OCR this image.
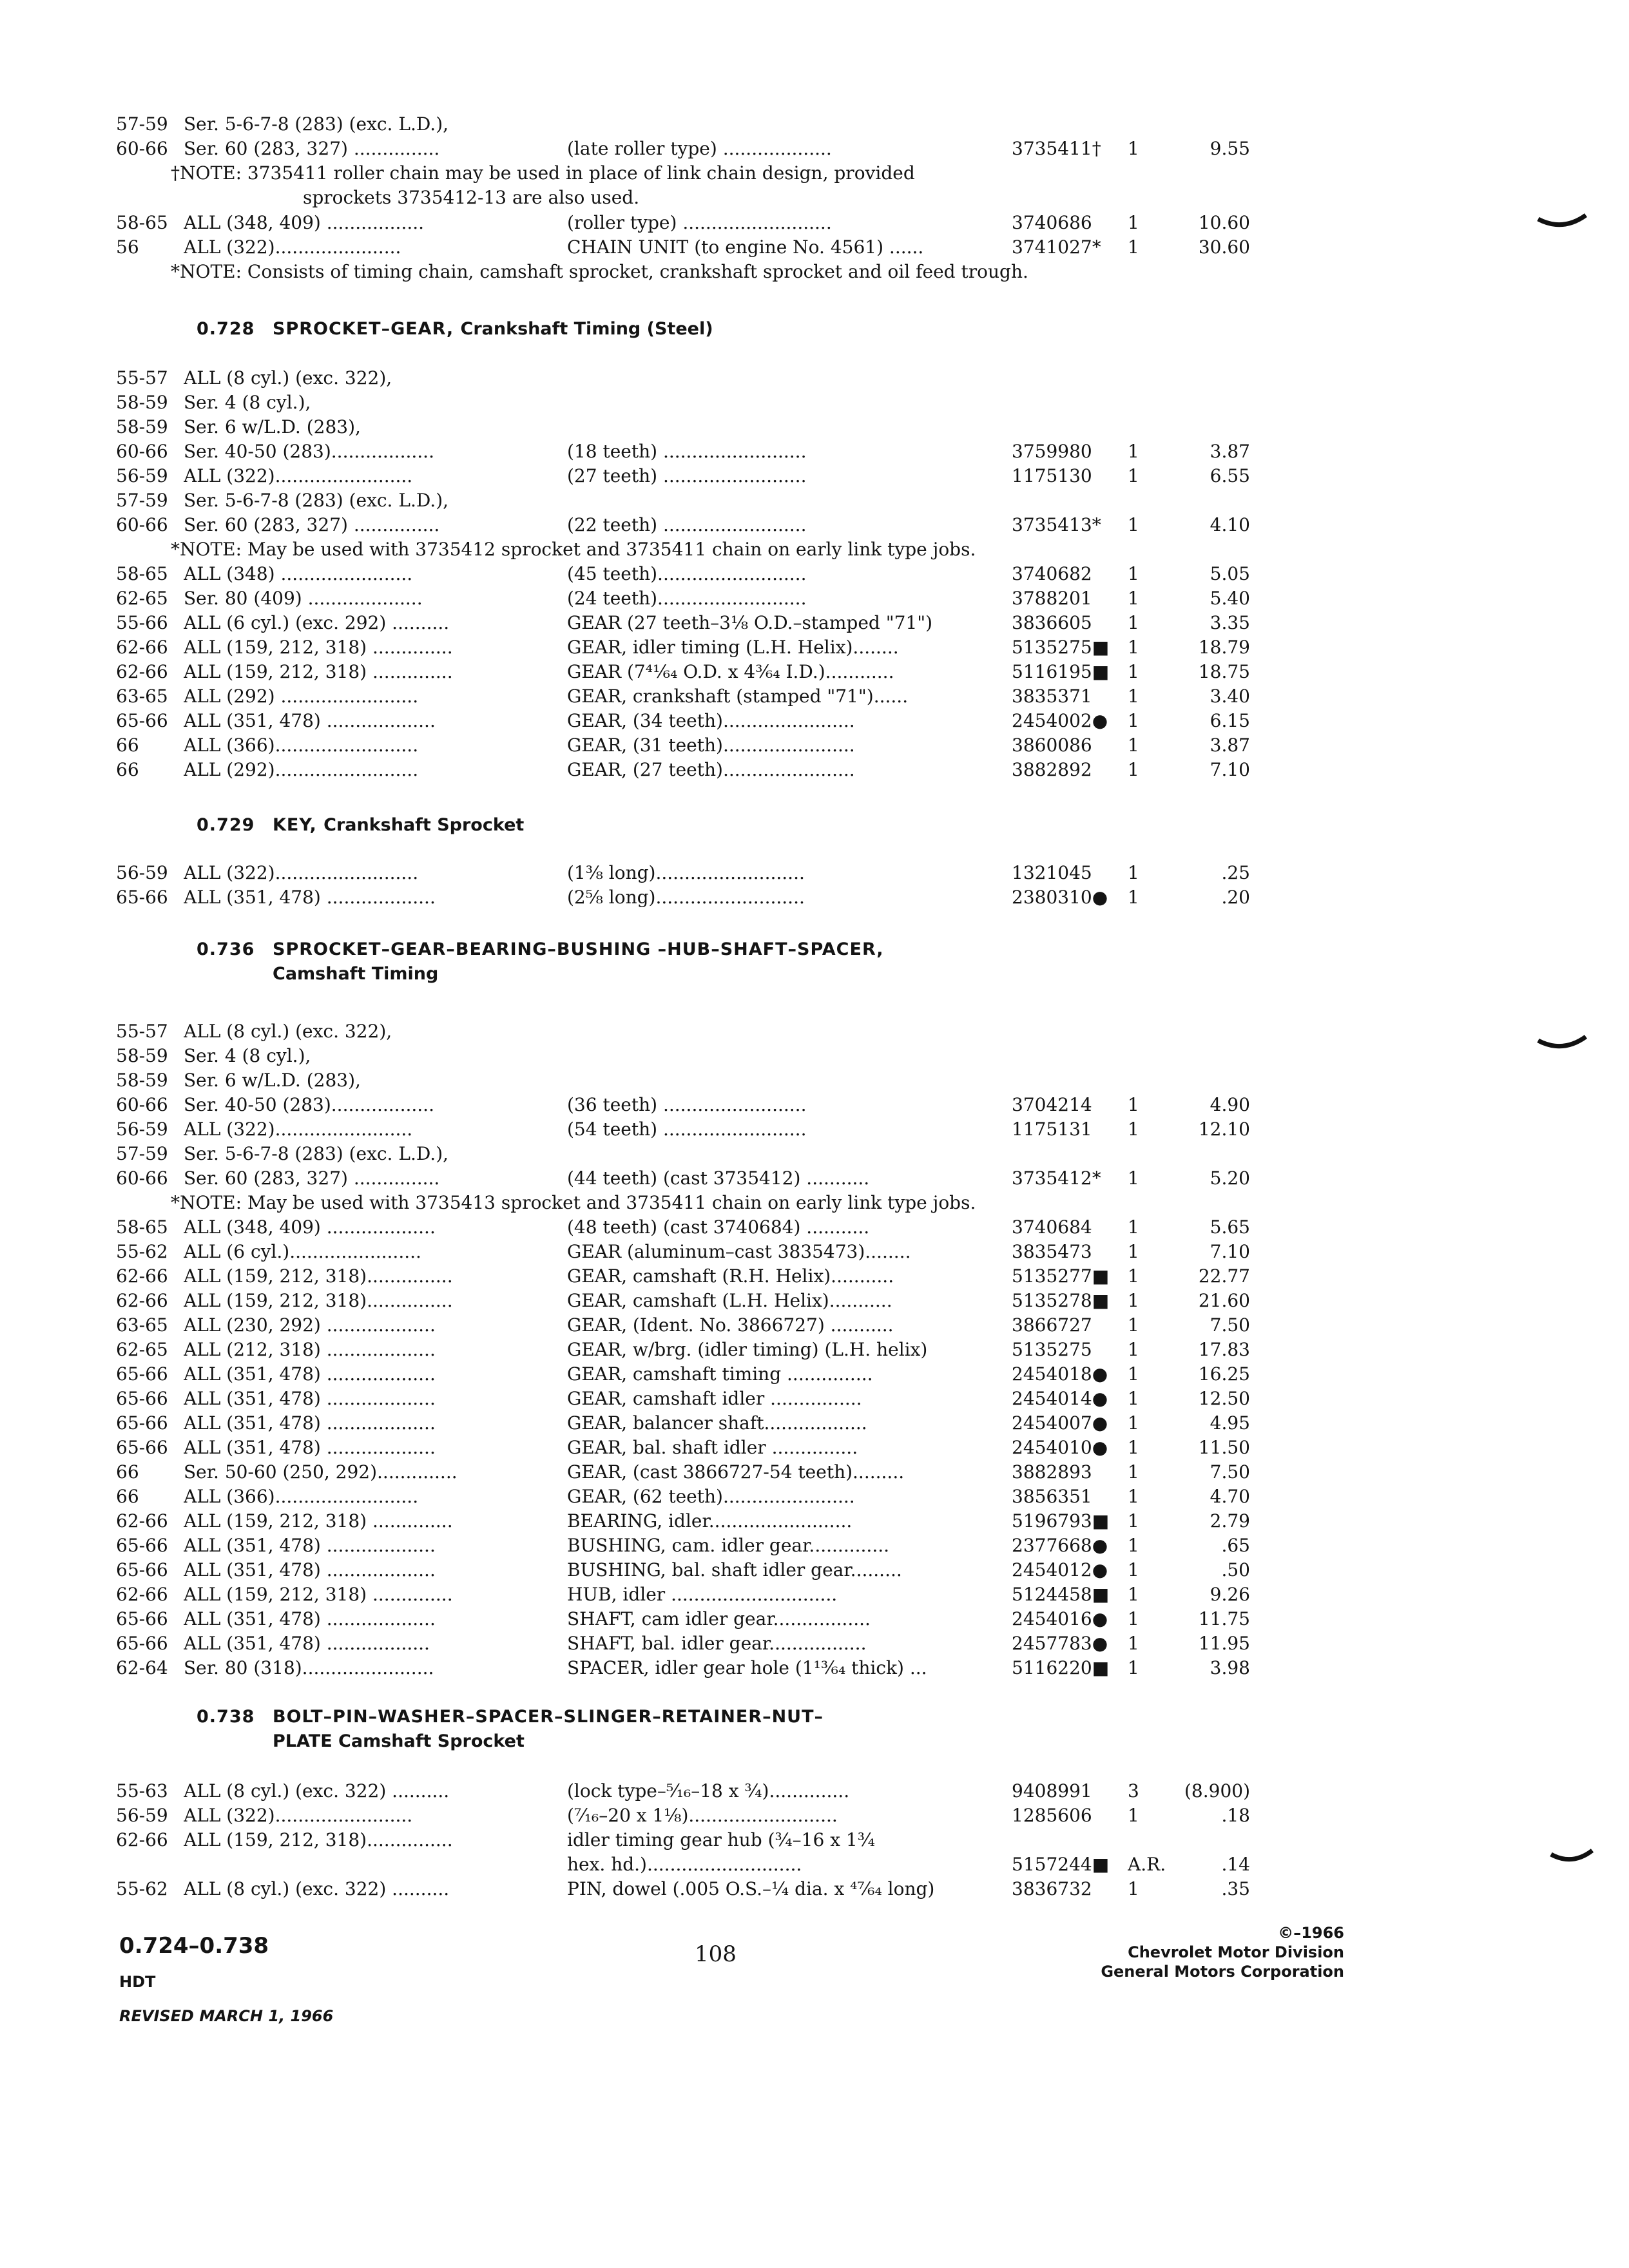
57-59 Ser. 5-6-7-8 (283) (exc. L.D.),
60-66 Ser. 60 (283, 327) ...............	(late roller type) ...................	3735411†	1	9.55
†NOTE: 3735411 roller chain may be used in place of link chain design, provided
sprockets 3735412-13 are also used.
58-65 ALL (348, 409) .................	(roller type) ..........................	3740686	1	10.60
56	ALL (322)......................	CHAIN UNIT (to engine No. 4561) ......	3741027*	1	30.60
*NOTE: Consists of timing chain, camshaft sprocket, crankshaft sprocket and oil feed trough.
0.728 SPROCKET–GEAR, Crankshaft Timing (Steel)
55-57 ALL (8 cyl.) (exc. 322),
58-59 Ser. 4 (8 cyl.),
58-59 Ser. 6 w/L.D. (283),
60-66 Ser. 40-50 (283)..................	(18 teeth) .........................	3759980	1	3.87
56-59 ALL (322)........................	(27 teeth) .........................	1175130	1	6.55
57-59 Ser. 5-6-7-8 (283) (exc. L.D.),
60-66 Ser. 60 (283, 327) ...............	(22 teeth) .........................	3735413*	1	4.10
*NOTE: May be used with 3735412 sprocket and 3735411 chain on early link type jobs.
58-65 ALL (348) .......................	(45 teeth)..........................	3740682	1	5.05
62-65 Ser. 80 (409) ....................	(24 teeth)..........................	3788201	1	5.40
55-66 ALL (6 cyl.) (exc. 292) ..........	GEAR (27 teeth–3⅛ O.D.–stamped "71")	3836605	1	3.35
62-66 ALL (159, 212, 318) ..............	GEAR, idler timing (L.H. Helix)........	5135275■	1	18.79
62-66 ALL (159, 212, 318) ..............	GEAR (7⁴¹⁄₆₄ O.D. x 4³⁄₆₄ I.D.)............	5116195■	1	18.75
63-65 ALL (292) ........................	GEAR, crankshaft (stamped "71")......	3835371	1	3.40
65-66 ALL (351, 478) ...................	GEAR, (34 teeth).......................	2454002●	1	6.15
66	ALL (366).........................	GEAR, (31 teeth).......................	3860086	1	3.87
66	ALL (292).........................	GEAR, (27 teeth).......................	3882892	1	7.10
0.729 KEY, Crankshaft Sprocket
56-59 ALL (322).........................	(1⅜ long)..........................	1321045	1	.25
65-66 ALL (351, 478) ...................	(2⅝ long)..........................	2380310●	1	.20
0.736 SPROCKET–GEAR–BEARING–BUSHING –HUB–SHAFT–SPACER,
Camshaft Timing
55-57 ALL (8 cyl.) (exc. 322),
58-59 Ser. 4 (8 cyl.),
58-59 Ser. 6 w/L.D. (283),
60-66 Ser. 40-50 (283)..................	(36 teeth) .........................	3704214	1	4.90
56-59 ALL (322)........................	(54 teeth) .........................	1175131	1	12.10
57-59 Ser. 5-6-7-8 (283) (exc. L.D.),
60-66 Ser. 60 (283, 327) ...............	(44 teeth) (cast 3735412) ...........	3735412*	1	5.20
*NOTE: May be used with 3735413 sprocket and 3735411 chain on early link type jobs.
58-65 ALL (348, 409) ...................	(48 teeth) (cast 3740684) ...........	3740684	1	5.65
55-62 ALL (6 cyl.).......................	GEAR (aluminum–cast 3835473)........	3835473	1	7.10
62-66 ALL (159, 212, 318)...............	GEAR, camshaft (R.H. Helix)...........	5135277■	1	22.77
62-66 ALL (159, 212, 318)...............	GEAR, camshaft (L.H. Helix)...........	5135278■	1	21.60
63-65 ALL (230, 292) ...................	GEAR, (Ident. No. 3866727) ...........	3866727	1	7.50
62-65 ALL (212, 318) ...................	GEAR, w/brg. (idler timing) (L.H. helix)	5135275	1	17.83
65-66 ALL (351, 478) ...................	GEAR, camshaft timing ...............	2454018●	1	16.25
65-66 ALL (351, 478) ...................	GEAR, camshaft idler ................	2454014●	1	12.50
65-66 ALL (351, 478) ...................	GEAR, balancer shaft..................	2454007●	1	4.95
65-66 ALL (351, 478) ...................	GEAR, bal. shaft idler ...............	2454010●	1	11.50
66	Ser. 50-60 (250, 292)..............	GEAR, (cast 3866727-54 teeth).........	3882893	1	7.50
66	ALL (366).........................	GEAR, (62 teeth).......................	3856351	1	4.70
62-66 ALL (159, 212, 318) ..............	BEARING, idler.........................	5196793■	1	2.79
65-66 ALL (351, 478) ...................	BUSHING, cam. idler gear..............	2377668●	1	.65
65-66 ALL (351, 478) ...................	BUSHING, bal. shaft idler gear.........	2454012●	1	.50
62-66 ALL (159, 212, 318) ..............	HUB, idler .............................	5124458■	1	9.26
65-66 ALL (351, 478) ...................	SHAFT, cam idler gear.................	2454016●	1	11.75
65-66 ALL (351, 478) ..................	SHAFT, bal. idler gear.................	2457783●	1	11.95
62-64 Ser. 80 (318).......................	SPACER, idler gear hole (1¹³⁄₆₄ thick) ...	5116220■	1	3.98
0.738 BOLT–PIN–WASHER–SPACER–SLINGER–RETAINER–NUT–
PLATE Camshaft Sprocket
55-63 ALL (8 cyl.) (exc. 322) ..........	(lock type–⁵⁄₁₆–18 x ¾)..............	9408991	3	(8.900)
56-59 ALL (322)........................	(⁷⁄₁₆–20 x 1⅛)..........................	1285606	1	.18
62-66 ALL (159, 212, 318)...............	idler timing gear hub (¾–16 x 1¾
hex. hd.)...........................	5157244■	A.R.	.14
55-62 ALL (8 cyl.) (exc. 322) ..........	PIN, dowel (.005 O.S.–¼ dia. x ⁴⁷⁄₆₄ long)	3836732	1	.35
0.724–0.738
HDT
REVISED MARCH 1, 1966
108
©–1966
Chevrolet Motor Division
General Motors Corporation
